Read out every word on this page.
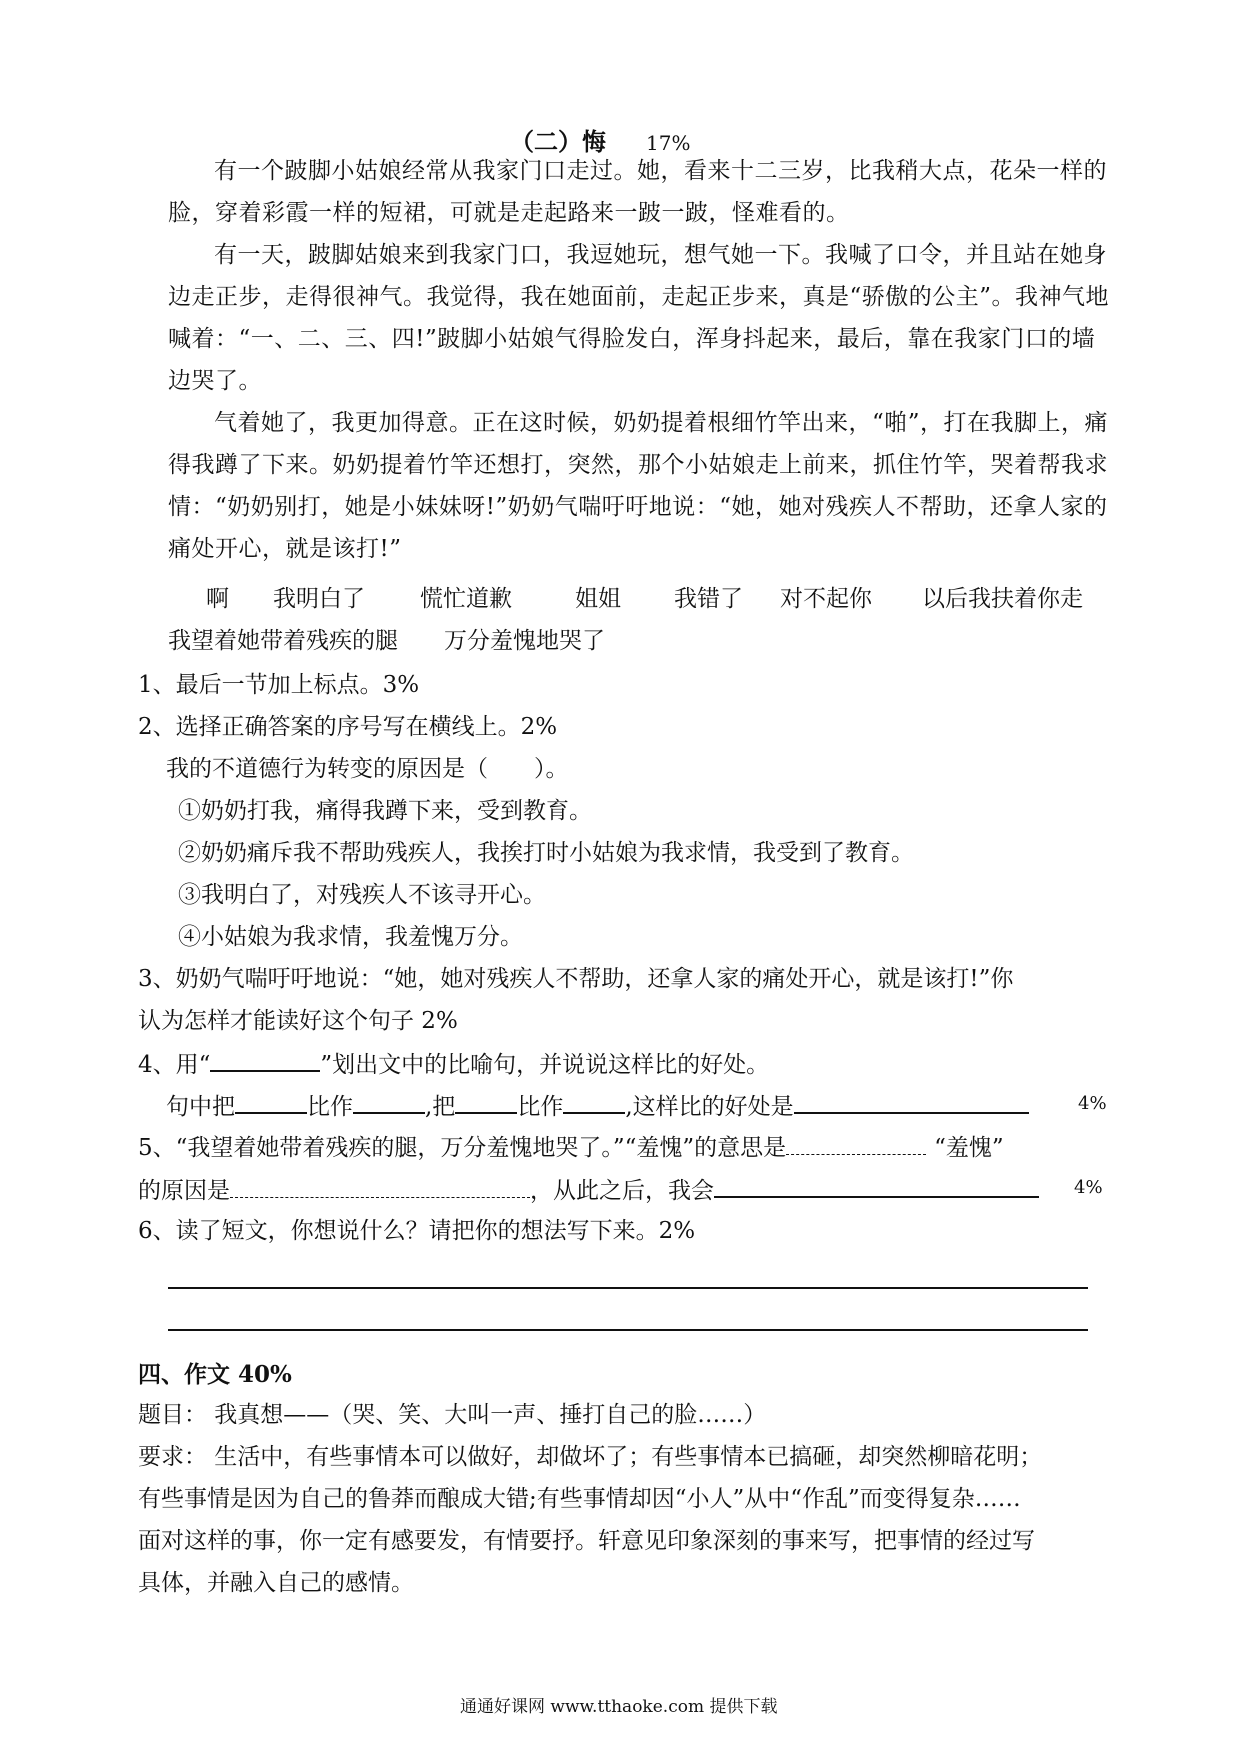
（二）悔 17%
有一个跛脚小姑娘经常从我家门口走过。她，看来十二三岁，比我稍大点，花朵一样的脸，穿着彩霞一样的短裙，可就是走起路来一跛一跛，怪难看的。
有一天，跛脚姑娘来到我家门口，我逗她玩，想气她一下。我喊了口令，并且站在她身边走正步，走得很神气。我觉得，我在她面前，走起正步来，真是“骄傲的公主”。我神气地喊着：“一、二、三、四!”跛脚小姑娘气得脸发白，浑身抖起来，最后，靠在我家门口的墙边哭了。
气着她了，我更加得意。正在这时候，奶奶提着根细竹竿出来，“啪”，打在我脚上，痛得我蹲了下来。奶奶提着竹竿还想打，突然，那个小姑娘走上前来，抓住竹竿，哭着帮我求情：“奶奶别打，她是小妹妹呀!”奶奶气喘吁吁地说：“她，她对残疾人不帮助，还拿人家的痛处开心，就是该打!”
啊 我明白了 慌忙道歉	姐姐 我错了 对不起你 以后我扶着你走
我望着她带着残疾的腿 万分羞愧地哭了
1、最后一节加上标点。3%
2、选择正确答案的序号写在横线上。2%
我的不道德行为转变的原因是（　　）。
①奶奶打我，痛得我蹲下来，受到教育。
②奶奶痛斥我不帮助残疾人，我挨打时小姑娘为我求情，我受到了教育。
③我明白了，对残疾人不该寻开心。
④小姑娘为我求情，我羞愧万分。
3、奶奶气喘吁吁地说：“她，她对残疾人不帮助，还拿人家的痛处开心，就是该打!”你
认为怎样才能读好这个句子 2%
4、用“	”划出文中的比喻句，并说说这样比的好处。
句中把	比作	,把	比作	,这样比的好处是	4%
5、“我望着她带着残疾的腿，万分羞愧地哭了。”“羞愧”的意思是	“羞愧”
的原因是	，从此之后，我会	4%
6、读了短文，你想说什么？请把你的想法写下来。2%
四、作文 40%
题目： 我真想——（哭、笑、大叫一声、捶打自己的脸……）
要求： 生活中，有些事情本可以做好，却做坏了；有些事情本已搞砸，却突然柳暗花明；
有些事情是因为自己的鲁莽而酿成大错;有些事情却因“小人”从中“作乱”而变得复杂……
面对这样的事，你一定有感要发，有情要抒。轩意见印象深刻的事来写，把事情的经过写
具体，并融入自己的感情。
通通好课网 www.tthaoke.com 提供下载
